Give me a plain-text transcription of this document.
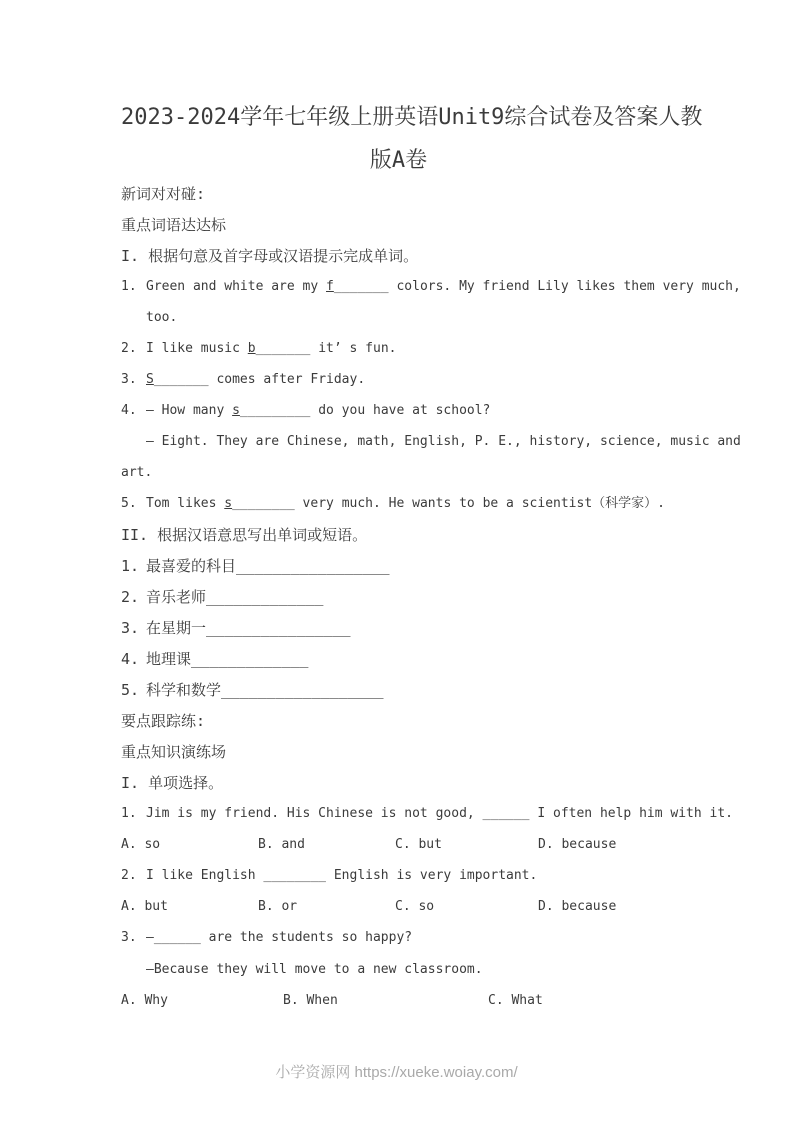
2023-2024学年七年级上册英语Unit9综合试卷及答案人教
版A卷
新词对对碰:
重点词语达达标
I. 根据句意及首字母或汉语提示完成单词。
1. Green and white are my f_______ colors. My friend Lily likes them very much,
too.
2. I like music b_______ it’ s fun.
3. S_______ comes after Friday.
4. — How many s_________ do you have at school?
— Eight. They are Chinese, math, English, P. E., history, science, music and
art.
5. Tom likes s________ very much. He wants to be a scientist（科学家）.
II. 根据汉语意思写出单词或短语。
1. 最喜爱的科目_________________
2. 音乐老师_____________
3. 在星期一________________
4. 地理课_____________
5. 科学和数学__________________
要点跟踪练:
重点知识演练场
I. 单项选择。
1. Jim is my friend. His Chinese is not good, ______ I often help him with it.
A. so	B. and	C. but	D. because
2. I like English ________ English is very important.
A. but	B. or	C. so	D. because
3. —______ are the students so happy?
—Because they will move to a new classroom.
A. Why	B. When	C. What
小学资源网 https://xueke.woiay.com/
